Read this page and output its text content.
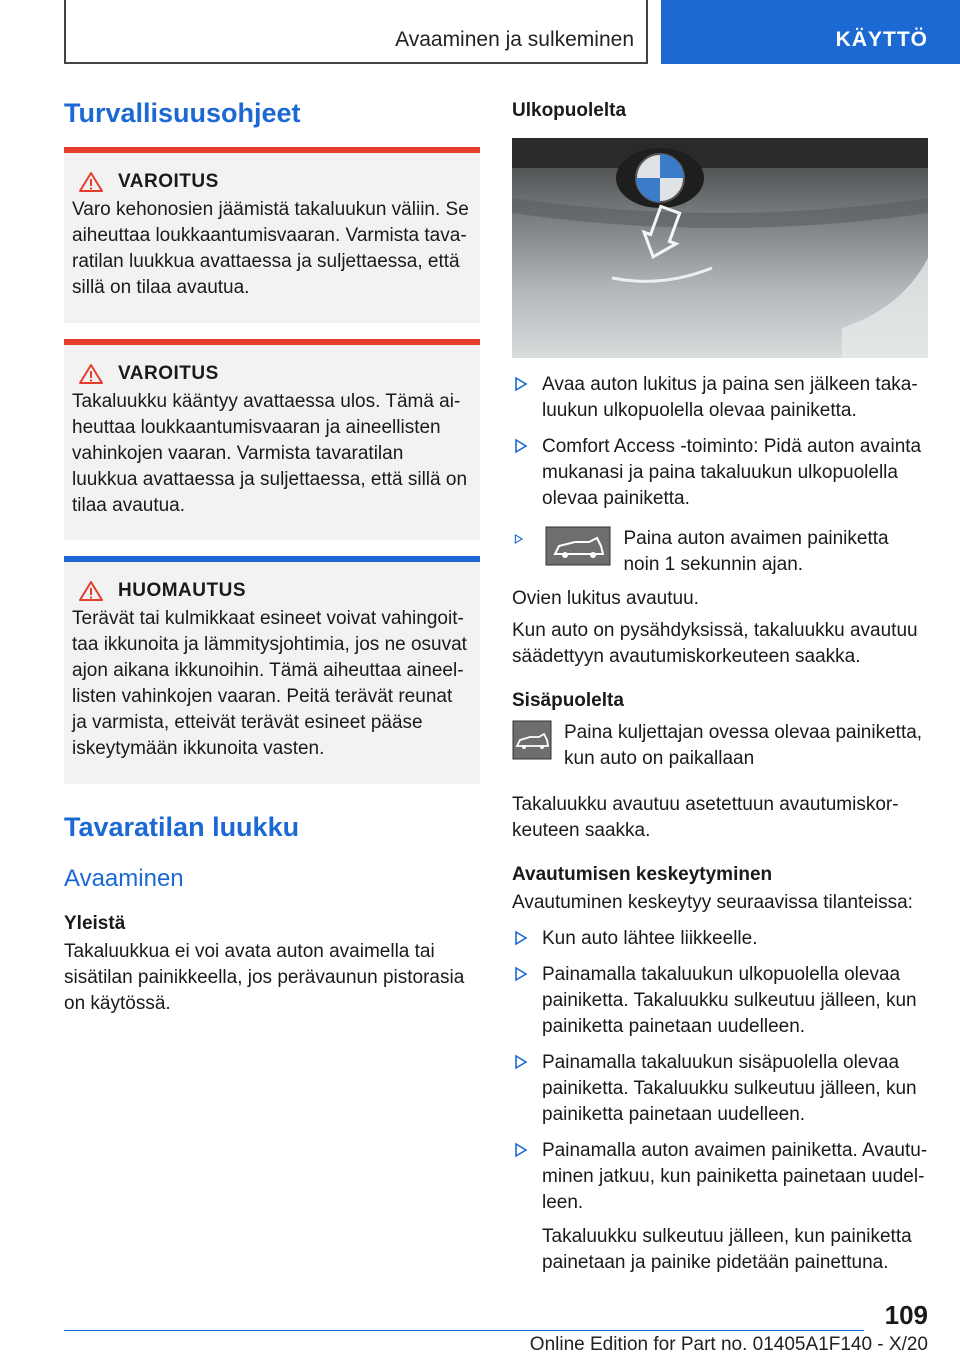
Avaaminen ja sulkeminen	KÄYTTÖ
Turvallisuusohjeet
VAROITUS

Varo kehonosien jäämistä takaluukun väliin. Se aiheuttaa loukkaantumisvaaran. Varmista tavaratilan luukkua avattaessa ja suljettaessa, että sillä on tilaa avautua.

VAROITUS

Takaluukku kääntyy avattaessa ulos. Tämä aiheuttaa loukkaantumisvaaran ja aineellisten vahinkojen vaaran. Varmista tavaratilan luukkua avattaessa ja suljettaessa, että sillä on tilaa avautua.

HUOMAUTUS

Terävät tai kulmikkaat esineet voivat vahingoittaa ikkunoita ja lämmitysjohtimia, jos ne osuvat ajon aikana ikkunoihin. Tämä aiheuttaa aineellisten vahinkojen vaaran. Peitä terävät reunat ja varmista, etteivät terävät esineet pääse iskeytymään ikkunoita vasten.

Tavaratilan luukku
Avaaminen
Yleistä

Takaluukkua ei voi avata auton avaimella tai sisätilan painikkeella, jos perävaunun pistorasia on käytössä.

Ulkopuolelta
Avaa auton lukitus ja paina sen jälkeen takaluukun ulkopuolella olevaa painiketta.
Comfort Access -toiminto: Pidä auton avainta mukanasi ja paina takaluukun ulkopuolella olevaa painiketta.

Paina auton avaimen painiketta noin 1 sekunnin ajan.

Ovien lukitus avautuu.

Kun auto on pysähdyksissä, takaluukku avautuu säädettyyn avautumiskorkeuteen saakka.

Sisäpuolelta

Paina kuljettajan ovessa olevaa painiketta, kun auto on paikallaan

Takaluukku avautuu asetettuun avautumiskorkeuteen saakka.

Avautumisen keskeytyminen

Avautuminen keskeytyy seuraavissa tilanteissa:

Kun auto lähtee liikkeelle.
Painamalla takaluukun ulkopuolella olevaa painiketta. Takaluukku sulkeutuu jälleen, kun painiketta painetaan uudelleen.
Painamalla takaluukun sisäpuolella olevaa painiketta. Takaluukku sulkeutuu jälleen, kun painiketta painetaan uudelleen.
Painamalla auton avaimen painiketta. Avautuminen jatkuu, kun painiketta painetaan uudelleen.

Takaluukku sulkeutuu jälleen, kun painiketta painetaan ja painike pidetään painettuna.

109
Online Edition for Part no. 01405A1F140 - X/20
